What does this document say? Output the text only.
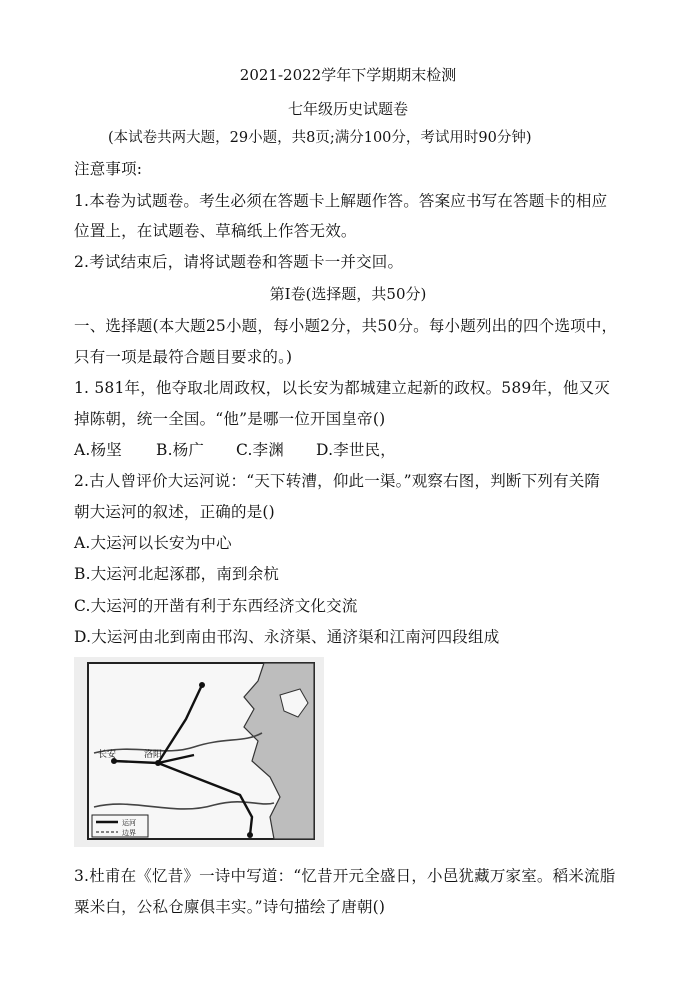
2021-2022学年下学期期末检测
七年级历史试题卷
(本试卷共两大题，29小题，共8页;满分100分，考试用时90分钟)
注意事项:
1.本卷为试题卷。考生必须在答题卡上解题作答。答案应书写在答题卡的相应
位置上，在试题卷、草稿纸上作答无效。
2.考试结束后，请将试题卷和答题卡一并交回。
第Ⅰ卷(选择题，共50分)
一、选择题(本大题25小题，每小题2分，共50分。每小题列出的四个选项中，
只有一项是最符合题目要求的。)
1. 581年，他夺取北周政权，以长安为都城建立起新的政权。589年，他又灭
掉陈朝，统一全国。“他”是哪一位开国皇帝()
A.杨坚 B.杨广 C.李渊 D.李世民，
2.古人曾评价大运河说：“天下转漕，仰此一渠。”观察右图，判断下列有关隋
朝大运河的叙述，正确的是()
A.大运河以长安为中心
B.大运河北起涿郡，南到余杭
C.大运河的开凿有利于东西经济文化交流
D.大运河由北到南由邗沟、永济渠、通济渠和江南河四段组成
长安	洛阳
运河
边界
3.杜甫在《忆昔》一诗中写道：“忆昔开元全盛日，小邑犹藏万家室。稻米流脂
粟米白，公私仓廪俱丰实。”诗句描绘了唐朝()
